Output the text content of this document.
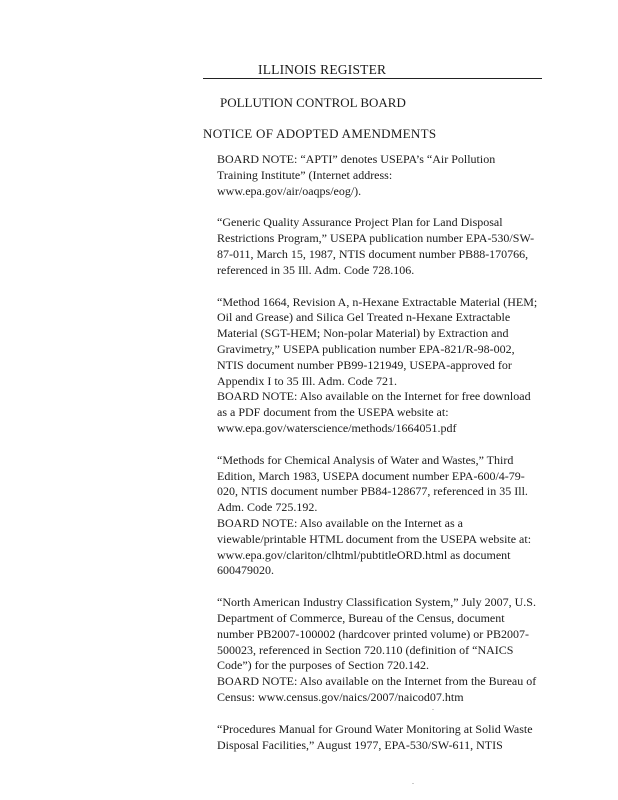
ILLINOIS REGISTER
POLLUTION CONTROL BOARD
NOTICE OF ADOPTED AMENDMENTS
BOARD NOTE: “APTI” denotes USEPA’s “Air Pollution
Training Institute” (Internet address:
www.epa.gov/air/oaqps/eog/).
“Generic Quality Assurance Project Plan for Land Disposal
Restrictions Program,” USEPA publication number EPA-530/SW-
87-011, March 15, 1987, NTIS document number PB88-170766,
referenced in 35 Ill. Adm. Code 728.106.
“Method 1664, Revision A, n-Hexane Extractable Material (HEM;
Oil and Grease) and Silica Gel Treated n-Hexane Extractable
Material (SGT-HEM; Non-polar Material) by Extraction and
Gravimetry,” USEPA publication number EPA-821/R-98-002,
NTIS document number PB99-121949, USEPA-approved for
Appendix I to 35 Ill. Adm. Code 721.
BOARD NOTE: Also available on the Internet for free download
as a PDF document from the USEPA website at:
www.epa.gov/waterscience/methods/1664051.pdf
“Methods for Chemical Analysis of Water and Wastes,” Third
Edition, March 1983, USEPA document number EPA-600/4-79-
020, NTIS document number PB84-128677, referenced in 35 Ill.
Adm. Code 725.192.
BOARD NOTE: Also available on the Internet as a
viewable/printable HTML document from the USEPA website at:
www.epa.gov/clariton/clhtml/pubtitleORD.html as document
600479020.
“North American Industry Classification System,” July 2007, U.S.
Department of Commerce, Bureau of the Census, document
number PB2007-100002 (hardcover printed volume) or PB2007-
500023, referenced in Section 720.110 (definition of “NAICS
Code”) for the purposes of Section 720.142.
BOARD NOTE: Also available on the Internet from the Bureau of
Census: www.census.gov/naics/2007/naicod07.htm
“Procedures Manual for Ground Water Monitoring at Solid Waste
Disposal Facilities,” August 1977, EPA-530/SW-611, NTIS
.
.
